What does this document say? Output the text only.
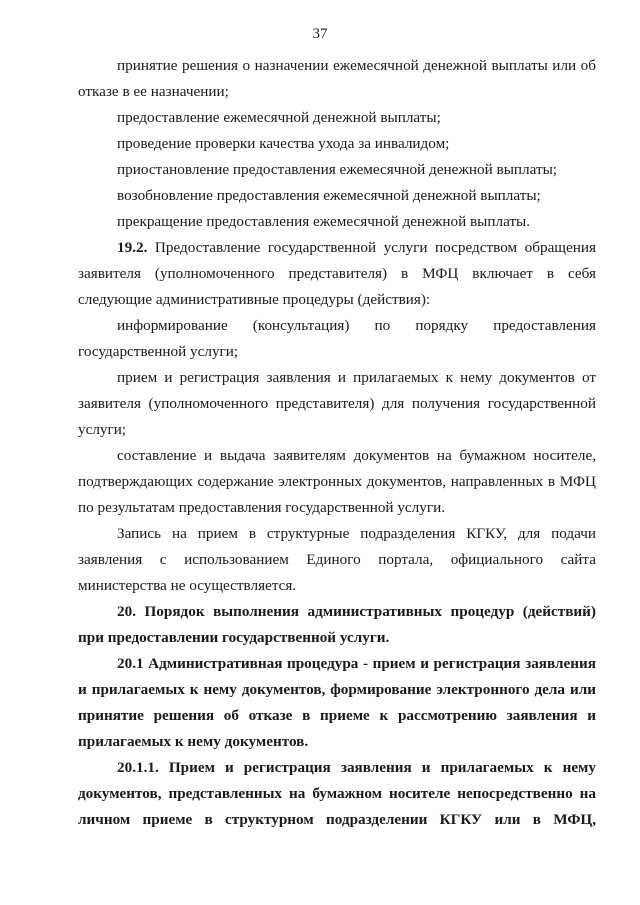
37
принятие решения о назначении ежемесячной денежной выплаты или об
отказе в ее назначении;
предоставление ежемесячной денежной выплаты;
проведение проверки качества ухода за инвалидом;
приостановление предоставления ежемесячной денежной выплаты;
возобновление предоставления ежемесячной денежной выплаты;
прекращение предоставления ежемесячной денежной выплаты.
19.2. Предоставление государственной услуги посредством обращения
заявителя (уполномоченного представителя) в МФЦ включает в себя
следующие административные процедуры (действия):
информирование (консультация) по порядку предоставления
государственной услуги;
прием и регистрация заявления и прилагаемых к нему документов от
заявителя (уполномоченного представителя) для получения государственной
услуги;
составление и выдача заявителям документов на бумажном носителе,
подтверждающих содержание электронных документов, направленных в МФЦ
по результатам предоставления государственной услуги.
Запись на прием в структурные подразделения КГКУ, для подачи
заявления с использованием Единого портала, официального сайта
министерства не осуществляется.
20. Порядок выполнения административных процедур (действий)
при предоставлении государственной услуги.
20.1 Административная процедура - прием и регистрация заявления
и прилагаемых к нему документов, формирование электронного дела или
принятие решения об отказе в приеме к рассмотрению заявления и
прилагаемых к нему документов.
20.1.1. Прием и регистрация заявления и прилагаемых к нему
документов, представленных на бумажном носителе непосредственно на
личном приеме в структурном подразделении КГКУ или в МФЦ,
